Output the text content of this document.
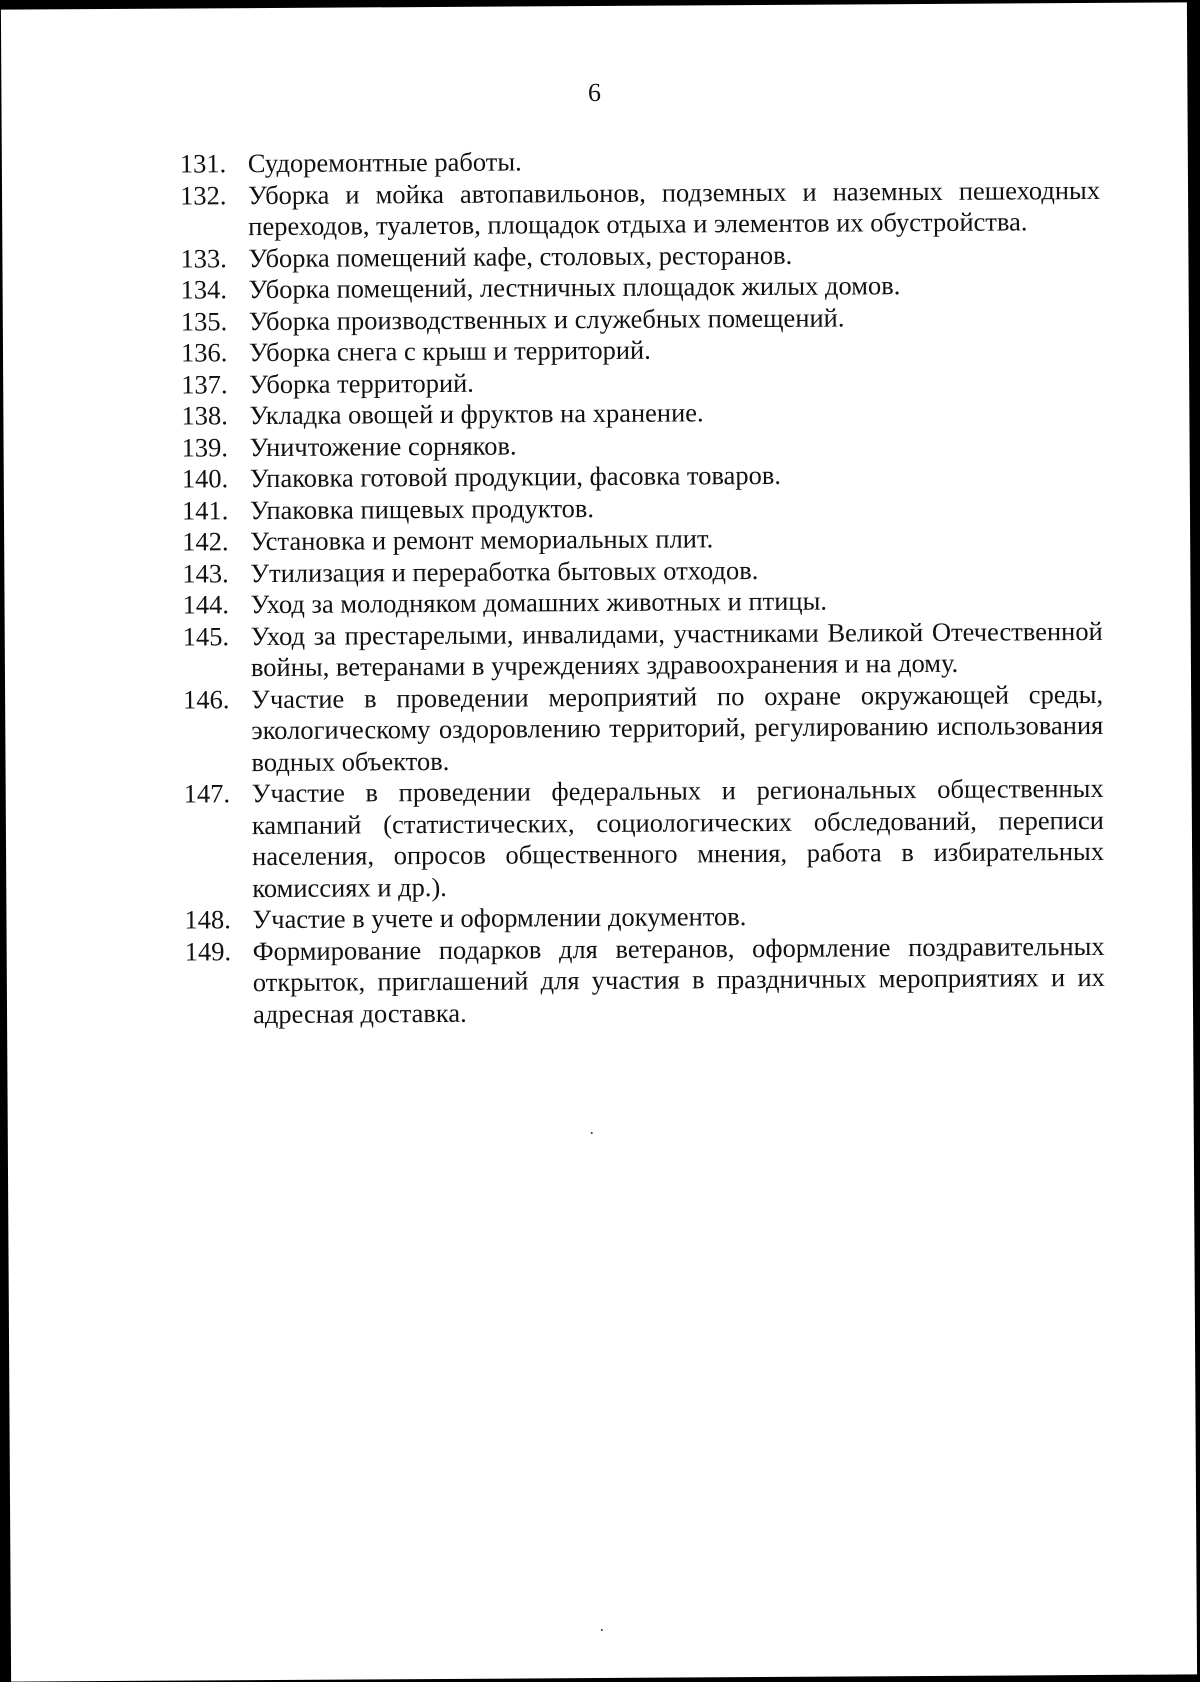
6
131. Судоремонтные работы.
132. Уборка и мойка автопавильонов, подземных и наземных пешеходных переходов, туалетов, площадок отдыха и элементов их обустройства.
133. Уборка помещений кафе, столовых, ресторанов.
134. Уборка помещений, лестничных площадок жилых домов.
135. Уборка производственных и служебных помещений.
136. Уборка снега с крыш и территорий.
137. Уборка территорий.
138. Укладка овощей и фруктов на хранение.
139. Уничтожение сорняков.
140. Упаковка готовой продукции, фасовка товаров.
141. Упаковка пищевых продуктов.
142. Установка и ремонт мемориальных плит.
143. Утилизация и переработка бытовых отходов.
144. Уход за молодняком домашних животных и птицы.
145. Уход за престарелыми, инвалидами, участниками Великой Отечественной войны, ветеранами в учреждениях здравоохранения и на дому.
146. Участие в проведении мероприятий по охране окружающей среды, экологическому оздоровлению территорий, регулированию использования водных объектов.
147. Участие в проведении федеральных и региональных общественных кампаний (статистических, социологических обследований, переписи населения, опросов общественного мнения, работа в избирательных комиссиях и др.).
148. Участие в учете и оформлении документов.
149. Формирование подарков для ветеранов, оформление поздравительных открыток, приглашений для участия в праздничных мероприятиях и их адресная доставка.
